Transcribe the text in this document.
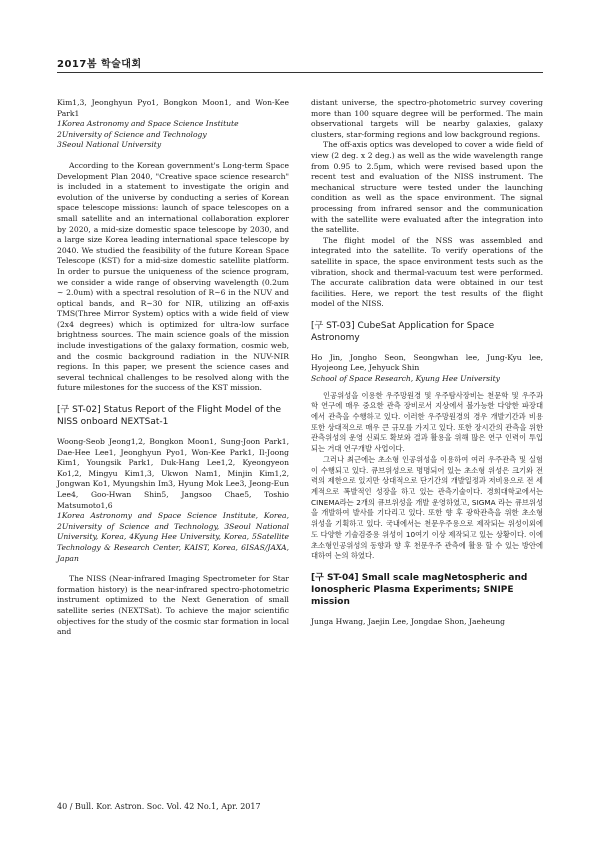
2017봄 학술대회

Kim1,3, Jeonghyun Pyo1, Bongkon Moon1, and Won-Kee Park1

1Korea Astronomy and Space Science Institute

2University of Science and Technology

3Seoul National University

According to the Korean government's Long-term Space Development Plan 2040, "Creative space science research" is included in a statement to investigate the origin and evolution of the universe by conducting a series of Korean space telescope missions: launch of space telescopes on a small satellite and an international collaboration explorer by 2020, a mid-size domestic space telescope by 2030, and a large size Korea leading international space telescope by 2040. We studied the feasibility of the future Korean Space Telescope (KST) for a mid-size domestic satellite platform. In order to pursue the uniqueness of the science program, we consider a wide range of observing wavelength (0.2um ~ 2.0um) with a spectral resolution of R~6 in the NUV and optical bands, and R~30 for NIR, utilizing an off-axis TMS(Three Mirror System) optics with a wide field of view (2x4 degrees) which is optimized for ultra-low surface brightness sources. The main science goals of the mission include investigations of the galaxy formation, cosmic web, and the cosmic background radiation in the NUV-NIR regions. In this paper, we present the science cases and several technical challenges to be resolved along with the future milestones for the success of the KST mission.

[구 ST-02] Status Report of the Flight Model of the NISS onboard NEXTSat-1

Woong-Seob Jeong1,2, Bongkon Moon1, Sung-Joon Park1, Dae-Hee Lee1, Jeonghyun Pyo1, Won-Kee Park1, Il-Joong Kim1, Youngsik Park1, Duk-Hang Lee1,2, Kyeongyeon Ko1,2, Mingyu Kim1,3, Ukwon Nam1, Minjin Kim1,2, Jongwan Ko1, Myungshin Im3, Hyung Mok Lee3, Jeong-Eun Lee4, Goo-Hwan Shin5, Jangsoo Chae5, Toshio Matsumoto1,6

1Korea Astronomy and Space Science Institute, Korea, 2University of Science and Technology, 3Seoul National University, Korea, 4Kyung Hee University, Korea, 5Satellite Technology & Research Center, KAIST, Korea, 6ISAS/JAXA, Japan

The NISS (Near-infrared Imaging Spectrometer for Star formation history) is the near-infrared spectro-photometric instrument optimized to the Next Generation of small satellite series (NEXTSat). To achieve the major scientific objectives for the study of the cosmic star formation in local and

distant universe, the spectro-photometric survey covering more than 100 square degree will be performed. The main observational targets will be nearby galaxies, galaxy clusters, star-forming regions and low background regions.

The off-axis optics was developed to cover a wide field of view (2 deg. x 2 deg.) as well as the wide wavelength range from 0.95 to 2.5μm, which were revised based upon the recent test and evaluation of the NISS instrument. The mechanical structure were tested under the launching condition as well as the space environment. The signal processing from infrared sensor and the communication with the satellite were evaluated after the integration into the satellite.

The flight model of the NSS was assembled and integrated into the satellite. To verify operations of the satellite in space, the space environment tests such as the vibration, shock and thermal-vacuum test were performed. The accurate calibration data were obtained in our test facilities. Here, we report the test results of the flight model of the NISS.

[구 ST-03] CubeSat Application for Space Astronomy

Ho Jin, Jongho Seon, Seongwhan lee, Jung-Kyu lee, Hyojeong Lee, Jehyuck Shin

School of Space Research, Kyung Hee University

인공위성을 이용한 우주망원경 및 우주탐사장비는 천문학 및 우주과학 연구에 매우 중요한 관측 장비로서 지상에서 볼가능한 다양한 파장대에서 관측을 수행하고 있다. 이러한 우주망원경의 경우 개발기간과 비용 또한 상대적으로 매우 큰 규모를 가지고 있다. 또한 장시간의 관측을 위한 관측위성의 운영 신뢰도 확보와 결과 활용을 위해 많은 연구 인력이 투입되는 거대 연구개발 사업이다.

그러나 최근에는 초소형 인공위성을 이용하여 여러 우주관측 및 실험이 수행되고 있다. 큐브위성으로 명명되어 있는 초소형 위성은 크기와 전력의 제한으로 있지만 상대적으로 단기간의 개발일정과 저비용으로 전 세계적으로 폭발적인 성장을 하고 있는 관측기술이다. 경희대학교에서는 CINEMA라는 2개의 큐브위성을 개발 운영하였고, SIGMA 라는 큐브위성을 개발하여 발사를 기다리고 있다. 또한 향 후 광학관측을 위한 초소형 위성을 기획하고 있다. 국내에서는 천문우주용으로 제작되는 위성이외에도 다양한 기술검증용 위성이 10여기 이상 제작되고 있는 상황이다. 이에 초소형인공위성의 동향과 향 후 천문우주 관측에 활용 할 수 있는 방안에 대하여 논의 하였다.

[구 ST-04] Small scale magNetospheric and Ionospheric Plasma Experiments; SNIPE mission

Junga Hwang, Jaejin Lee, Jongdae Shon, Jaeheung

40 / Bull. Kor. Astron. Soc. Vol. 42 No.1, Apr. 2017
